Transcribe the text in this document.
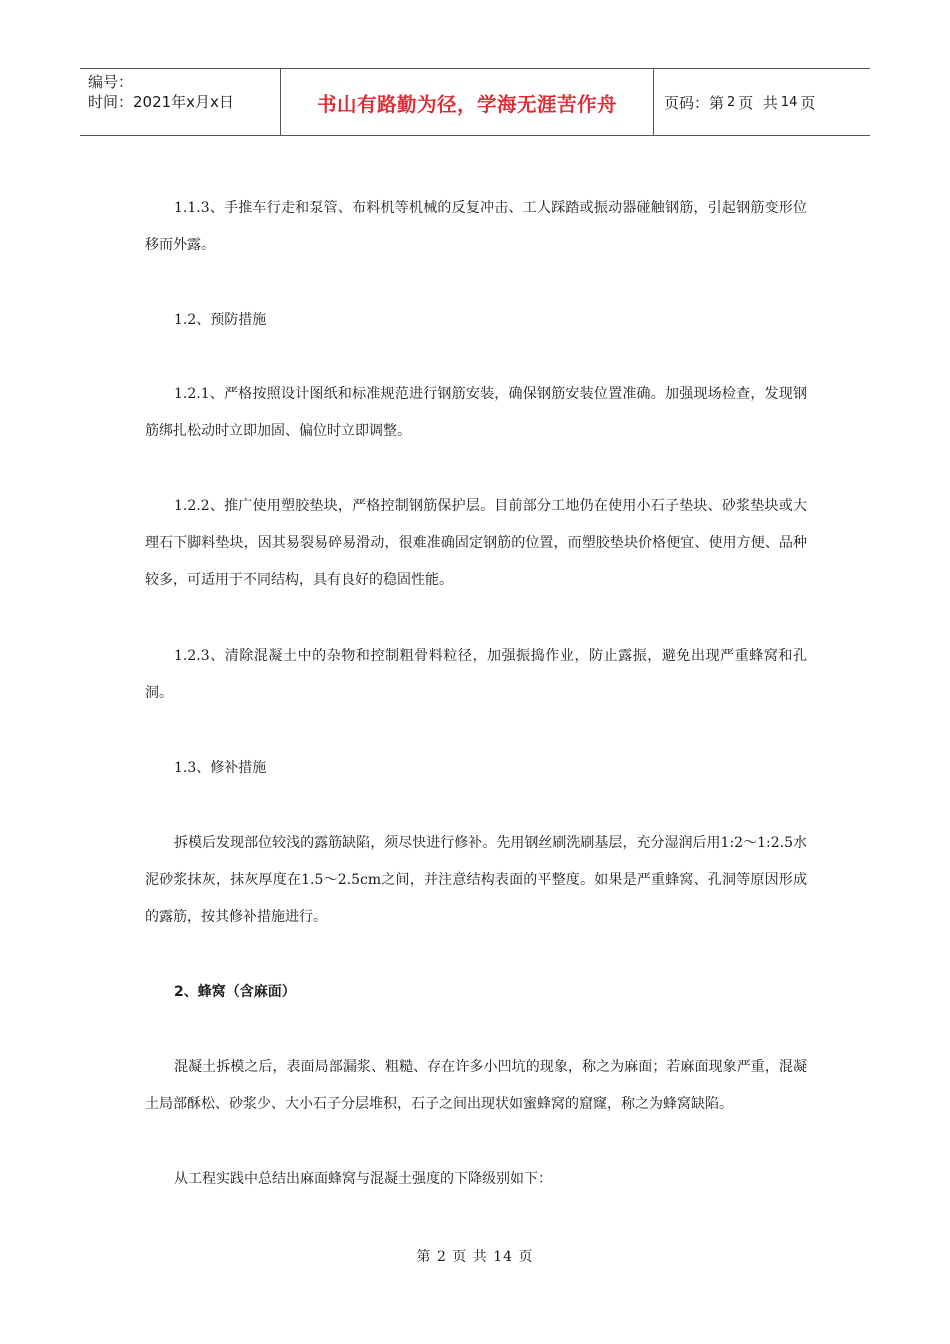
编号：
时间：2021年x月x日	书山有路勤为径，学海无涯苦作舟	页码：第 2 页  共 14 页

1.1.3、手推车行走和泵管、布料机等机械的反复冲击、工人踩踏或振动器碰触钢筋，引起钢筋变形位移而外露。

1.2、预防措施

1.2.1、严格按照设计图纸和标准规范进行钢筋安装，确保钢筋安装位置准确。加强现场检查，发现钢筋绑扎松动时立即加固、偏位时立即调整。

1.2.2、推广使用塑胶垫块，严格控制钢筋保护层。目前部分工地仍在使用小石子垫块、砂浆垫块或大理石下脚料垫块，因其易裂易碎易滑动，很难准确固定钢筋的位置，而塑胶垫块价格便宜、使用方便、品种较多，可适用于不同结构，具有良好的稳固性能。

1.2.3、清除混凝土中的杂物和控制粗骨料粒径，加强振捣作业，防止露振，避免出现严重蜂窝和孔洞。

1.3、修补措施

拆模后发现部位较浅的露筋缺陷，须尽快进行修补。先用钢丝刷洗刷基层，充分湿润后用1:2～1:2.5水泥砂浆抹灰，抹灰厚度在1.5～2.5cm之间，并注意结构表面的平整度。如果是严重蜂窝、孔洞等原因形成的露筋，按其修补措施进行。

2、蜂窝（含麻面）

混凝土拆模之后，表面局部漏浆、粗糙、存在许多小凹坑的现象，称之为麻面；若麻面现象严重，混凝土局部酥松、砂浆少、大小石子分层堆积，石子之间出现状如蜜蜂窝的窟窿，称之为蜂窝缺陷。

从工程实践中总结出麻面蜂窝与混凝土强度的下降级别如下：

第 2 页 共 14 页
